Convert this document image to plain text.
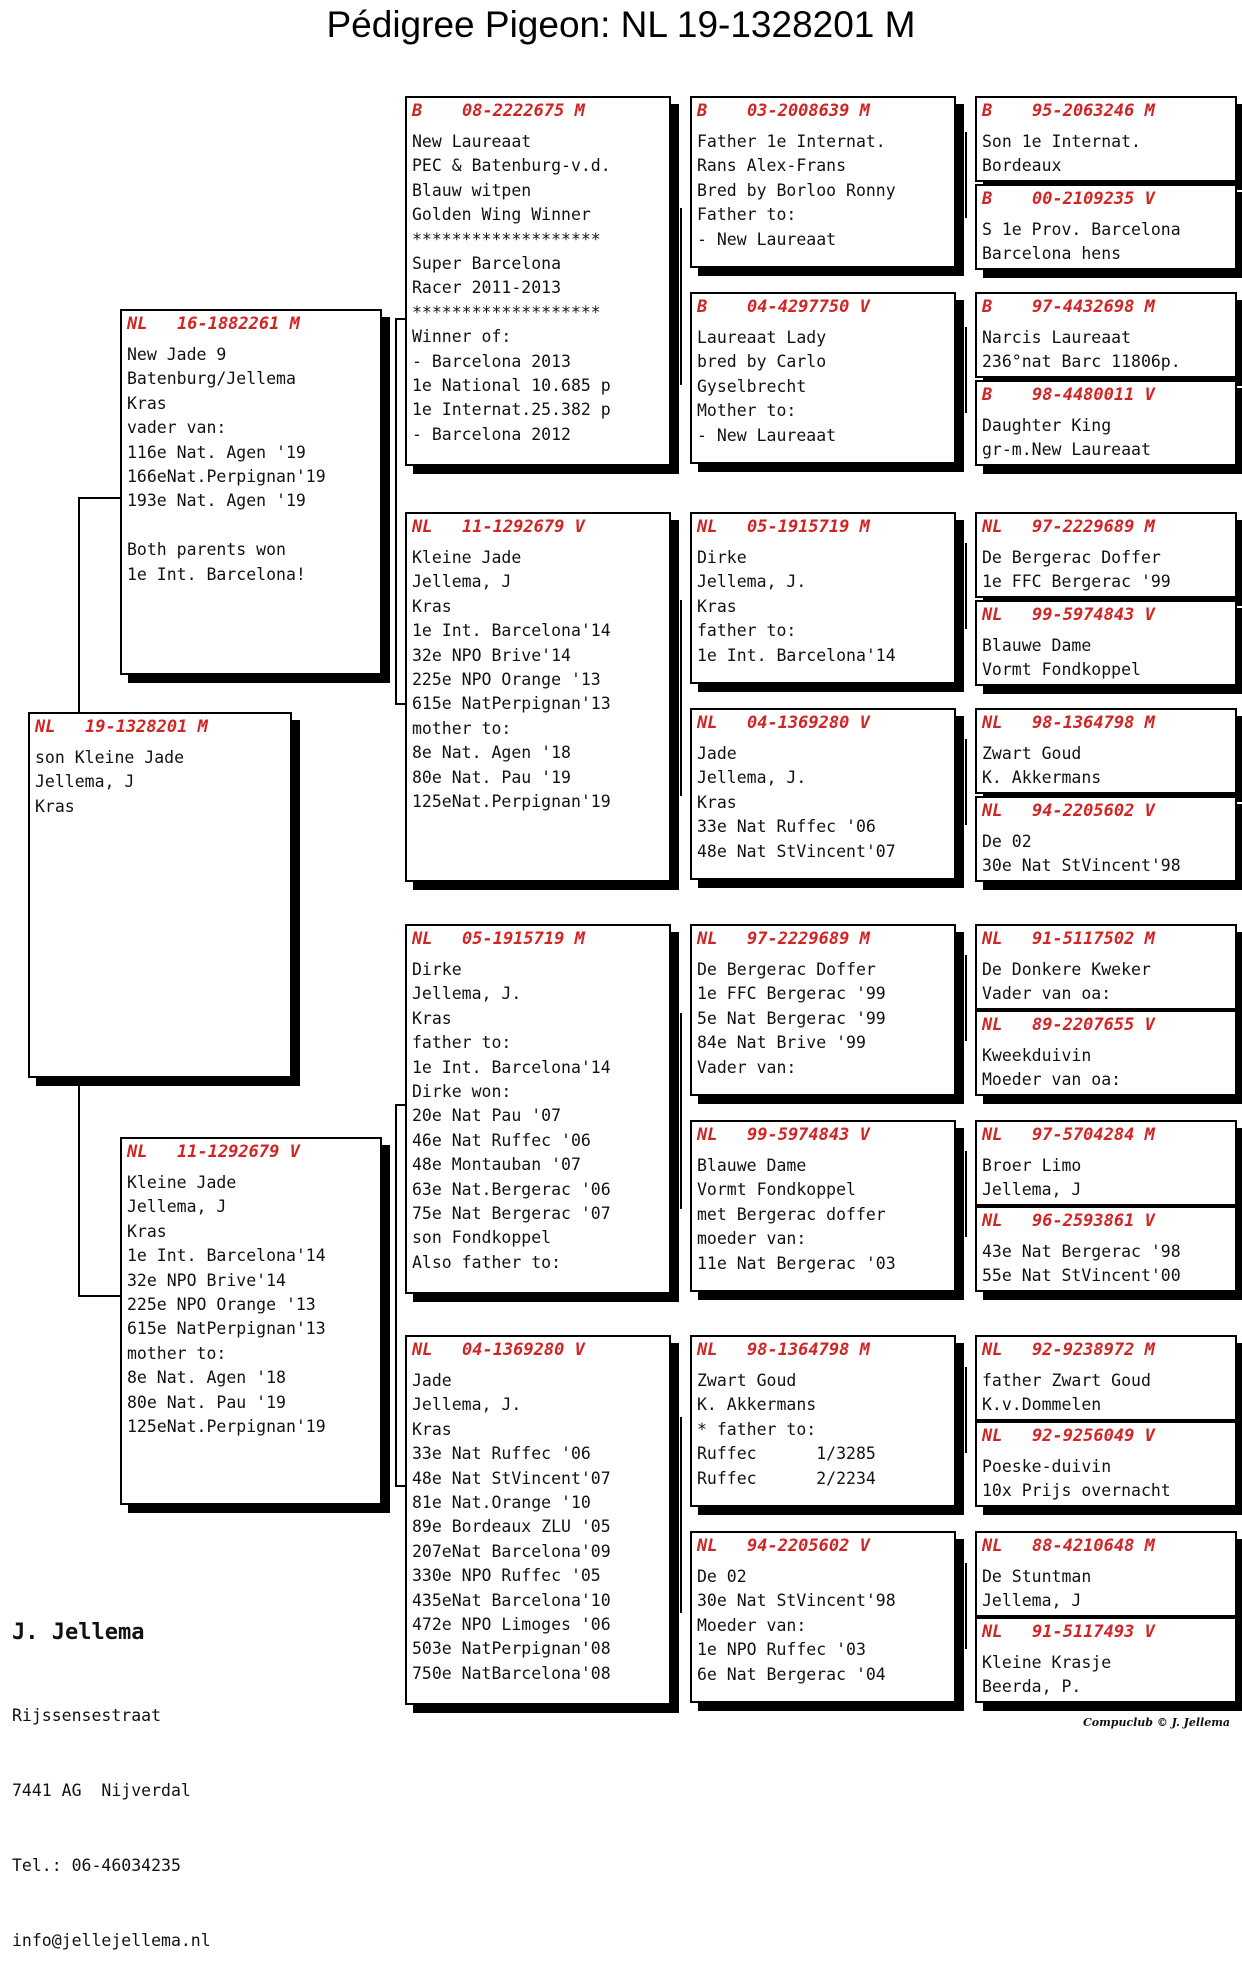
Pédigree Pigeon: NL 19-1328201 M
NL	19-1328201 M
son Kleine Jade
Jellema, J
Kras
NL	16-1882261 M
New Jade 9
Batenburg/Jellema
Kras
vader van:
116e Nat. Agen '19
166eNat.Perpignan'19
193e Nat. Agen '19

Both parents won
1e Int. Barcelona!
NL	11-1292679 V
Kleine Jade
Jellema, J
Kras
1e Int. Barcelona'14
32e NPO Brive'14
225e NPO Orange '13
615e NatPerpignan'13
mother to:
8e Nat. Agen '18
80e Nat. Pau '19
125eNat.Perpignan'19
B	08-2222675 M
New Laureaat
PEC & Batenburg-v.d.
Blauw witpen
Golden Wing Winner
*******************
Super Barcelona
Racer 2011-2013
*******************
Winner of:
- Barcelona 2013
1e National 10.685 p
1e Internat.25.382 p
- Barcelona 2012
NL	11-1292679 V
Kleine Jade
Jellema, J
Kras
1e Int. Barcelona'14
32e NPO Brive'14
225e NPO Orange '13
615e NatPerpignan'13
mother to:
8e Nat. Agen '18
80e Nat. Pau '19
125eNat.Perpignan'19
NL	05-1915719 M
Dirke
Jellema, J.
Kras
father to:
1e Int. Barcelona'14
Dirke won:
20e Nat Pau '07
46e Nat Ruffec '06
48e Montauban '07
63e Nat.Bergerac '06
75e Nat Bergerac '07
son Fondkoppel
Also father to:
NL	04-1369280 V
Jade
Jellema, J.
Kras
33e Nat Ruffec '06
48e Nat StVincent'07
81e Nat.Orange '10
89e Bordeaux ZLU '05
207eNat Barcelona'09
330e NPO Ruffec '05
435eNat Barcelona'10
472e NPO Limoges '06
503e NatPerpignan'08
750e NatBarcelona'08
B	03-2008639 M
Father 1e Internat.
Rans Alex-Frans
Bred by Borloo Ronny
Father to:
- New Laureaat
B	04-4297750 V
Laureaat Lady
bred by Carlo
Gyselbrecht
Mother to:
- New Laureaat
NL	05-1915719 M
Dirke
Jellema, J.
Kras
father to:
1e Int. Barcelona'14
NL	04-1369280 V
Jade
Jellema, J.
Kras
33e Nat Ruffec '06
48e Nat StVincent'07
NL	97-2229689 M
De Bergerac Doffer
1e FFC Bergerac '99
5e Nat Bergerac '99
84e Nat Brive '99
Vader van:
NL	99-5974843 V
Blauwe Dame
Vormt Fondkoppel
met Bergerac doffer
moeder van:
11e Nat Bergerac '03
NL	98-1364798 M
Zwart Goud
K. Akkermans
* father to:
Ruffec      1/3285
Ruffec      2/2234
NL	94-2205602 V
De 02
30e Nat StVincent'98
Moeder van:
1e NPO Ruffec '03
6e Nat Bergerac '04
B	95-2063246 M
Son 1e Internat.
Bordeaux
B	00-2109235 V
S 1e Prov. Barcelona
Barcelona hens
B	97-4432698 M
Narcis Laureaat
236°nat Barc 11806p.
B	98-4480011 V
Daughter King
gr-m.New Laureaat
NL	97-2229689 M
De Bergerac Doffer
1e FFC Bergerac '99
NL	99-5974843 V
Blauwe Dame
Vormt Fondkoppel
NL	98-1364798 M
Zwart Goud
K. Akkermans
NL	94-2205602 V
De 02
30e Nat StVincent'98
NL	91-5117502 M
De Donkere Kweker
Vader van oa:
NL	89-2207655 V
Kweekduivin
Moeder van oa:
NL	97-5704284 M
Broer Limo
Jellema, J
NL	96-2593861 V
43e Nat Bergerac '98
55e Nat StVincent'00
NL	92-9238972 M
father Zwart Goud
K.v.Dommelen
NL	92-9256049 V
Poeske-duivin
10x Prijs overnacht
NL	88-4210648 M
De Stuntman
Jellema, J
NL	91-5117493 V
Kleine Krasje
Beerda, P.

J. Jellema

Rijssensestraat

7441 AG  Nijverdal

Tel.: 06-46034235

info@jellejellema.nl

Compuclub © J. Jellema
